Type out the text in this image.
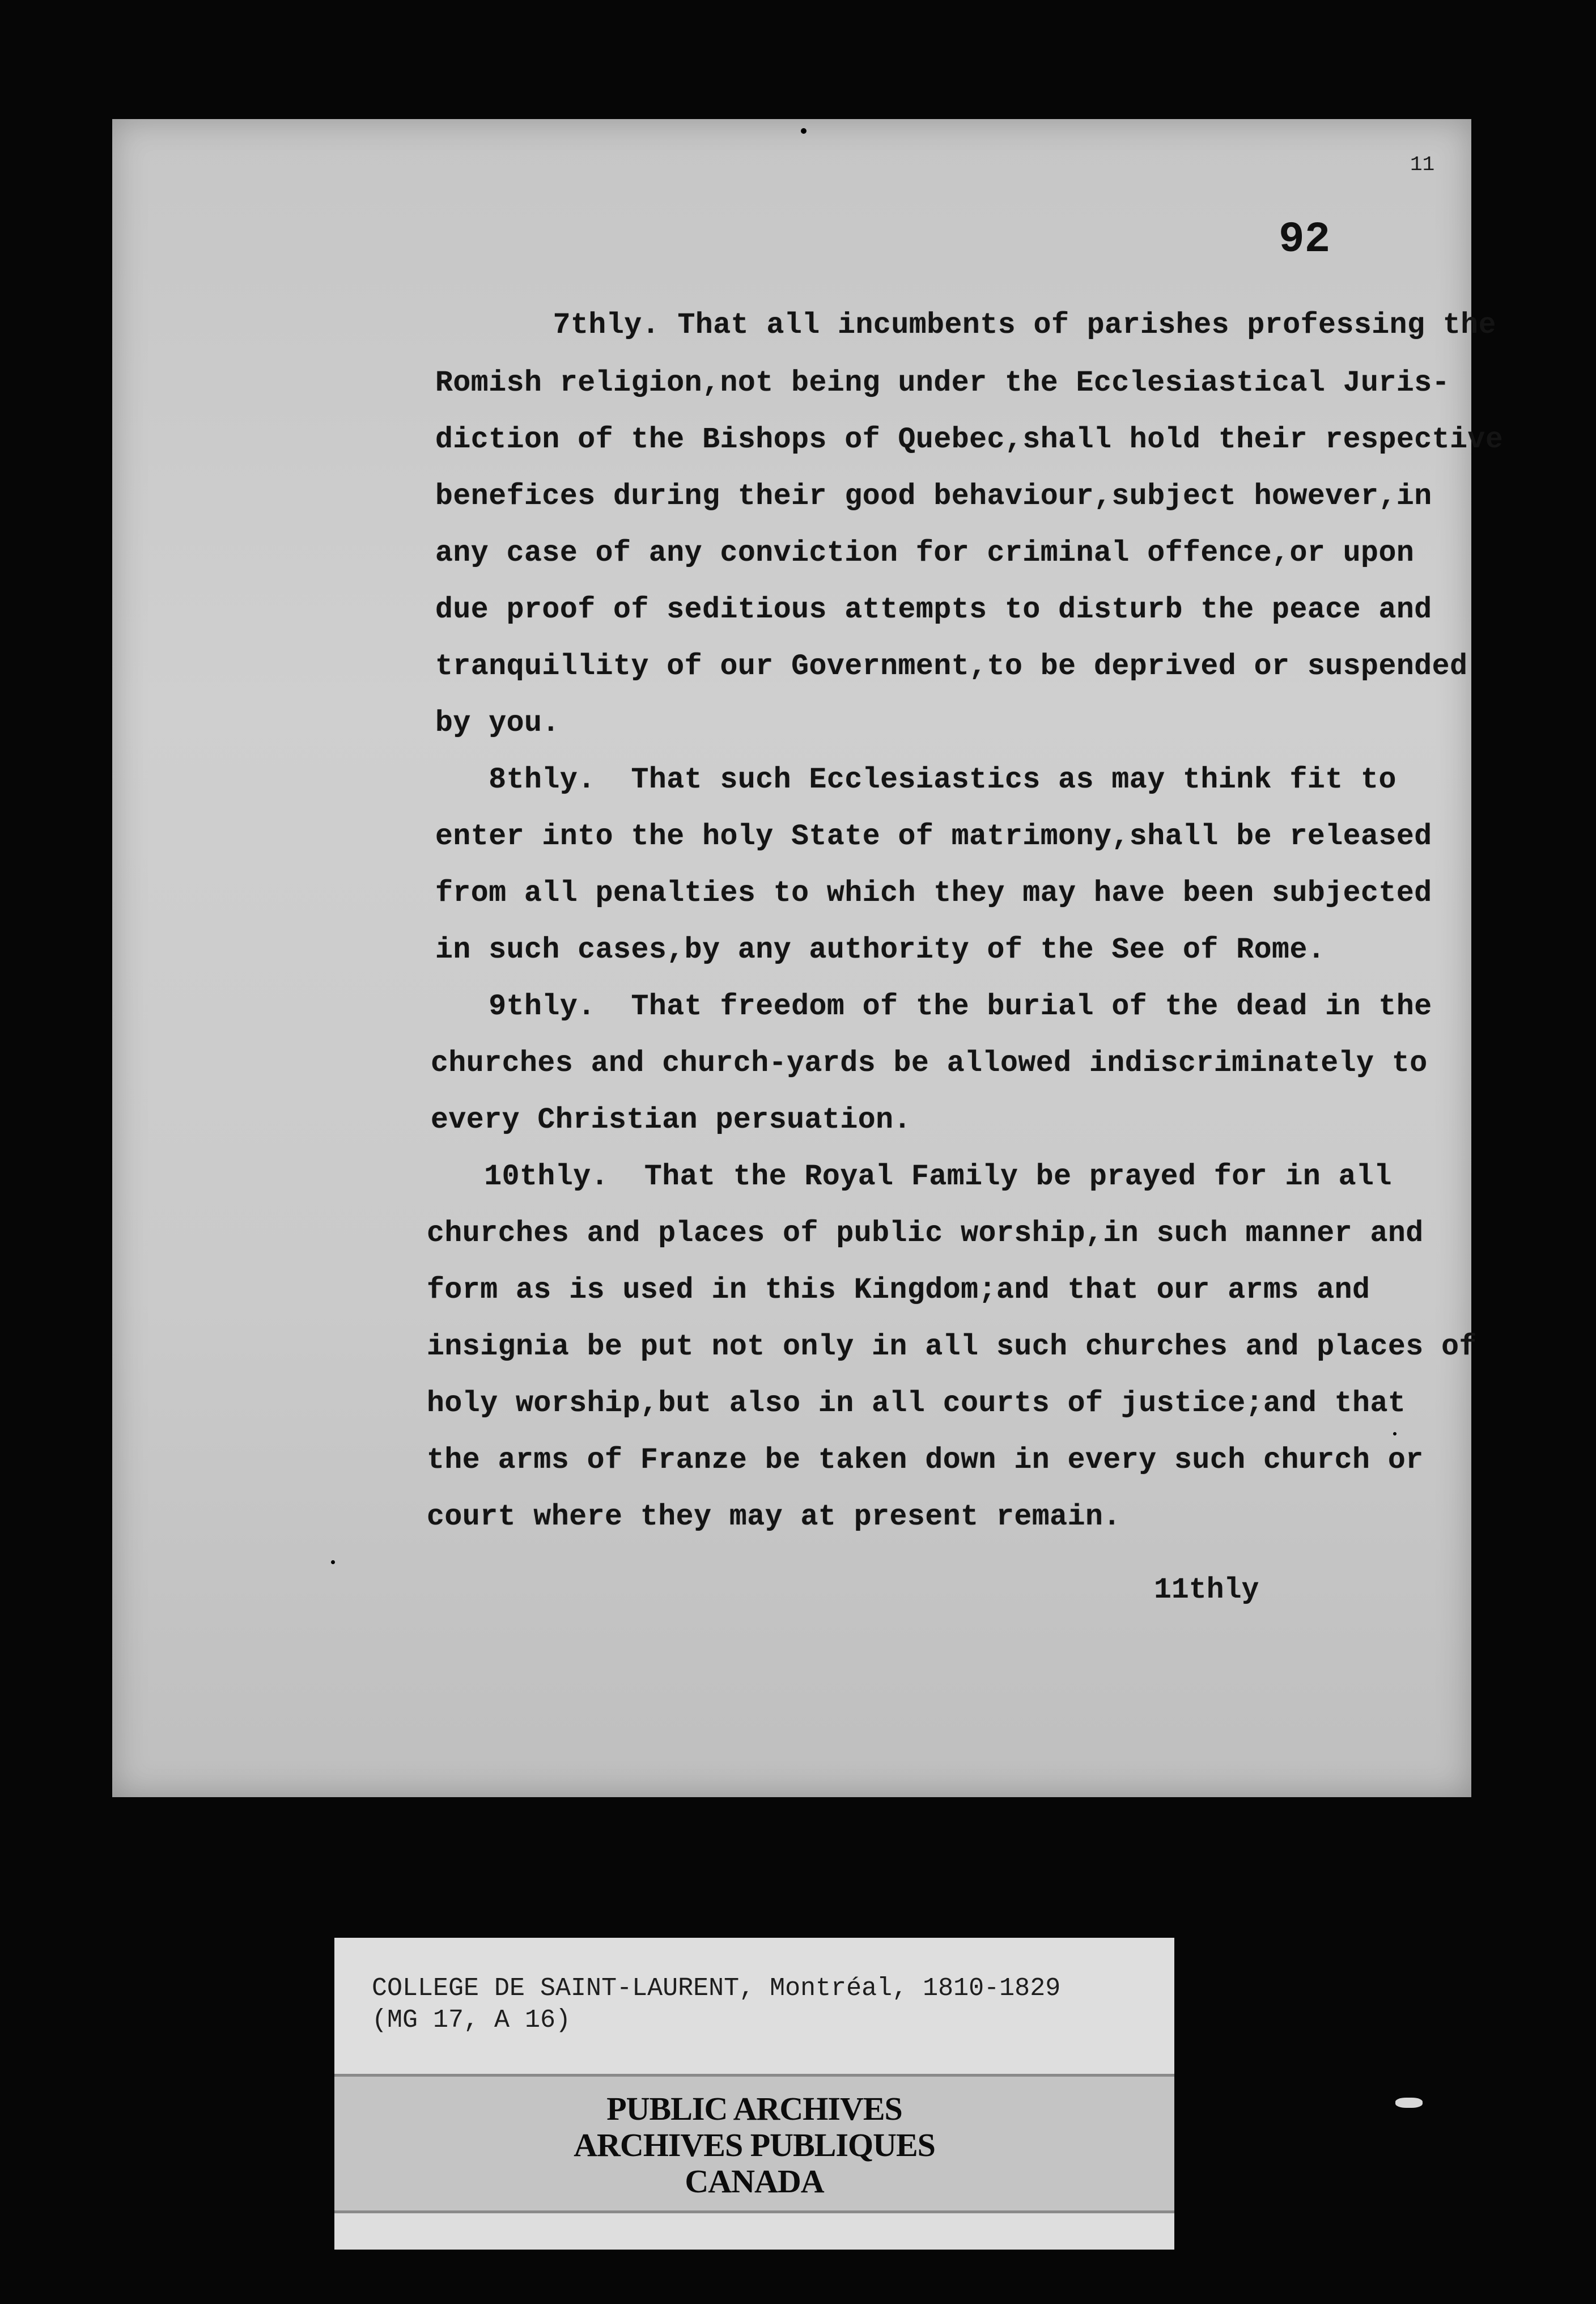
11
92
7thly. That all incumbents of parishes professing the
Romish religion,not being under the Ecclesiastical Juris-
diction of the Bishops of Quebec,shall hold their respective
benefices during their good behaviour,subject however,in
any case of any conviction for criminal offence,or upon
due proof of seditious attempts to disturb the peace and
tranquillity of our Government,to be deprived or suspended
by you.
8thly.  That such Ecclesiastics as may think fit to
enter into the holy State of matrimony,shall be released
from all penalties to which they may have been subjected
in such cases,by any authority of the See of Rome.
9thly.  That freedom of the burial of the dead in the
churches and church-yards be allowed indiscriminately to
every Christian persuation.
10thly.  That the Royal Family be prayed for in all
churches and places of public worship,in such manner and
form as is used in this Kingdom;and that our arms and
insignia be put not only in all such churches and places of
holy worship,but also in all courts of justice;and that
the arms of Franze be taken down in every such church or
court where they may at present remain.
11thly
COLLEGE DE SAINT-LAURENT, Montréal, 1810-1829
(MG 17, A 16)
PUBLIC ARCHIVES
ARCHIVES PUBLIQUES
CANADA
